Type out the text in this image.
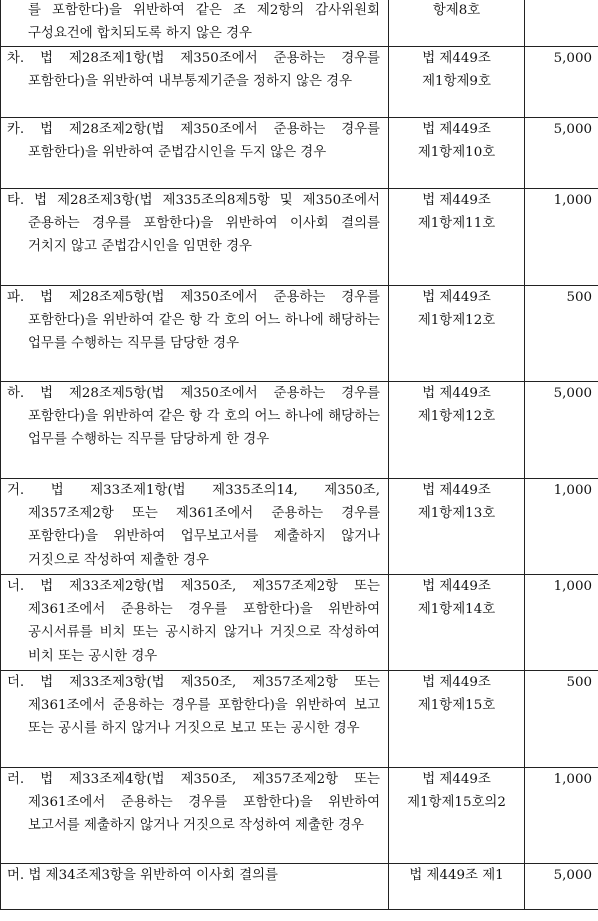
를 포함한다)을 위반하여 같은 조 제2항의 감사위원회 구성요건에 합치되도록 하지 않은 경우	항제8호	

차. 법 제28조제1항(법 제350조에서 준용하는 경우를 포함한다)을 위반하여 내부통제기준을 정하지 않은 경우	법 제449조 제1항제9호	5,000

카. 법 제28조제2항(법 제350조에서 준용하는 경우를 포함한다)을 위반하여 준법감시인을 두지 않은 경우	법 제449조 제1항제10호	5,000

타. 법 제28조제3항(법 제335조의8제5항 및 제350조에서 준용하는 경우를 포함한다)을 위반하여 이사회 결의를 거치지 않고 준법감시인을 임면한 경우	법 제449조 제1항제11호	1,000

파. 법 제28조제5항(법 제350조에서 준용하는 경우를 포함한다)을 위반하여 같은 항 각 호의 어느 하나에 해당하는 업무를 수행하는 직무를 담당한 경우	법 제449조 제1항제12호	500

하. 법 제28조제5항(법 제350조에서 준용하는 경우를 포함한다)을 위반하여 같은 항 각 호의 어느 하나에 해당하는 업무를 수행하는 직무를 담당하게 한 경우	법 제449조 제1항제12호	5,000

거. 법 제33조제1항(법 제335조의14, 제350조, 제357조제2항 또는 제361조에서 준용하는 경우를 포함한다)을 위반하여 업무보고서를 제출하지 않거나 거짓으로 작성하여 제출한 경우	법 제449조 제1항제13호	1,000

너. 법 제33조제2항(법 제350조, 제357조제2항 또는 제361조에서 준용하는 경우를 포함한다)을 위반하여 공시서류를 비치 또는 공시하지 않거나 거짓으로 작성하여 비치 또는 공시한 경우	법 제449조 제1항제14호	1,000

더. 법 제33조제3항(법 제350조, 제357조제2항 또는 제361조에서 준용하는 경우를 포함한다)을 위반하여 보고 또는 공시를 하지 않거나 거짓으로 보고 또는 공시한 경우	법 제449조 제1항제15호	500

러. 법 제33조제4항(법 제350조, 제357조제2항 또는 제361조에서 준용하는 경우를 포함한다)을 위반하여 보고서를 제출하지 않거나 거짓으로 작성하여 제출한 경우	법 제449조 제1항제15호의2	1,000

머. 법 제34조제3항을 위반하여 이사회 결의를	법 제449조 제1	5,000
